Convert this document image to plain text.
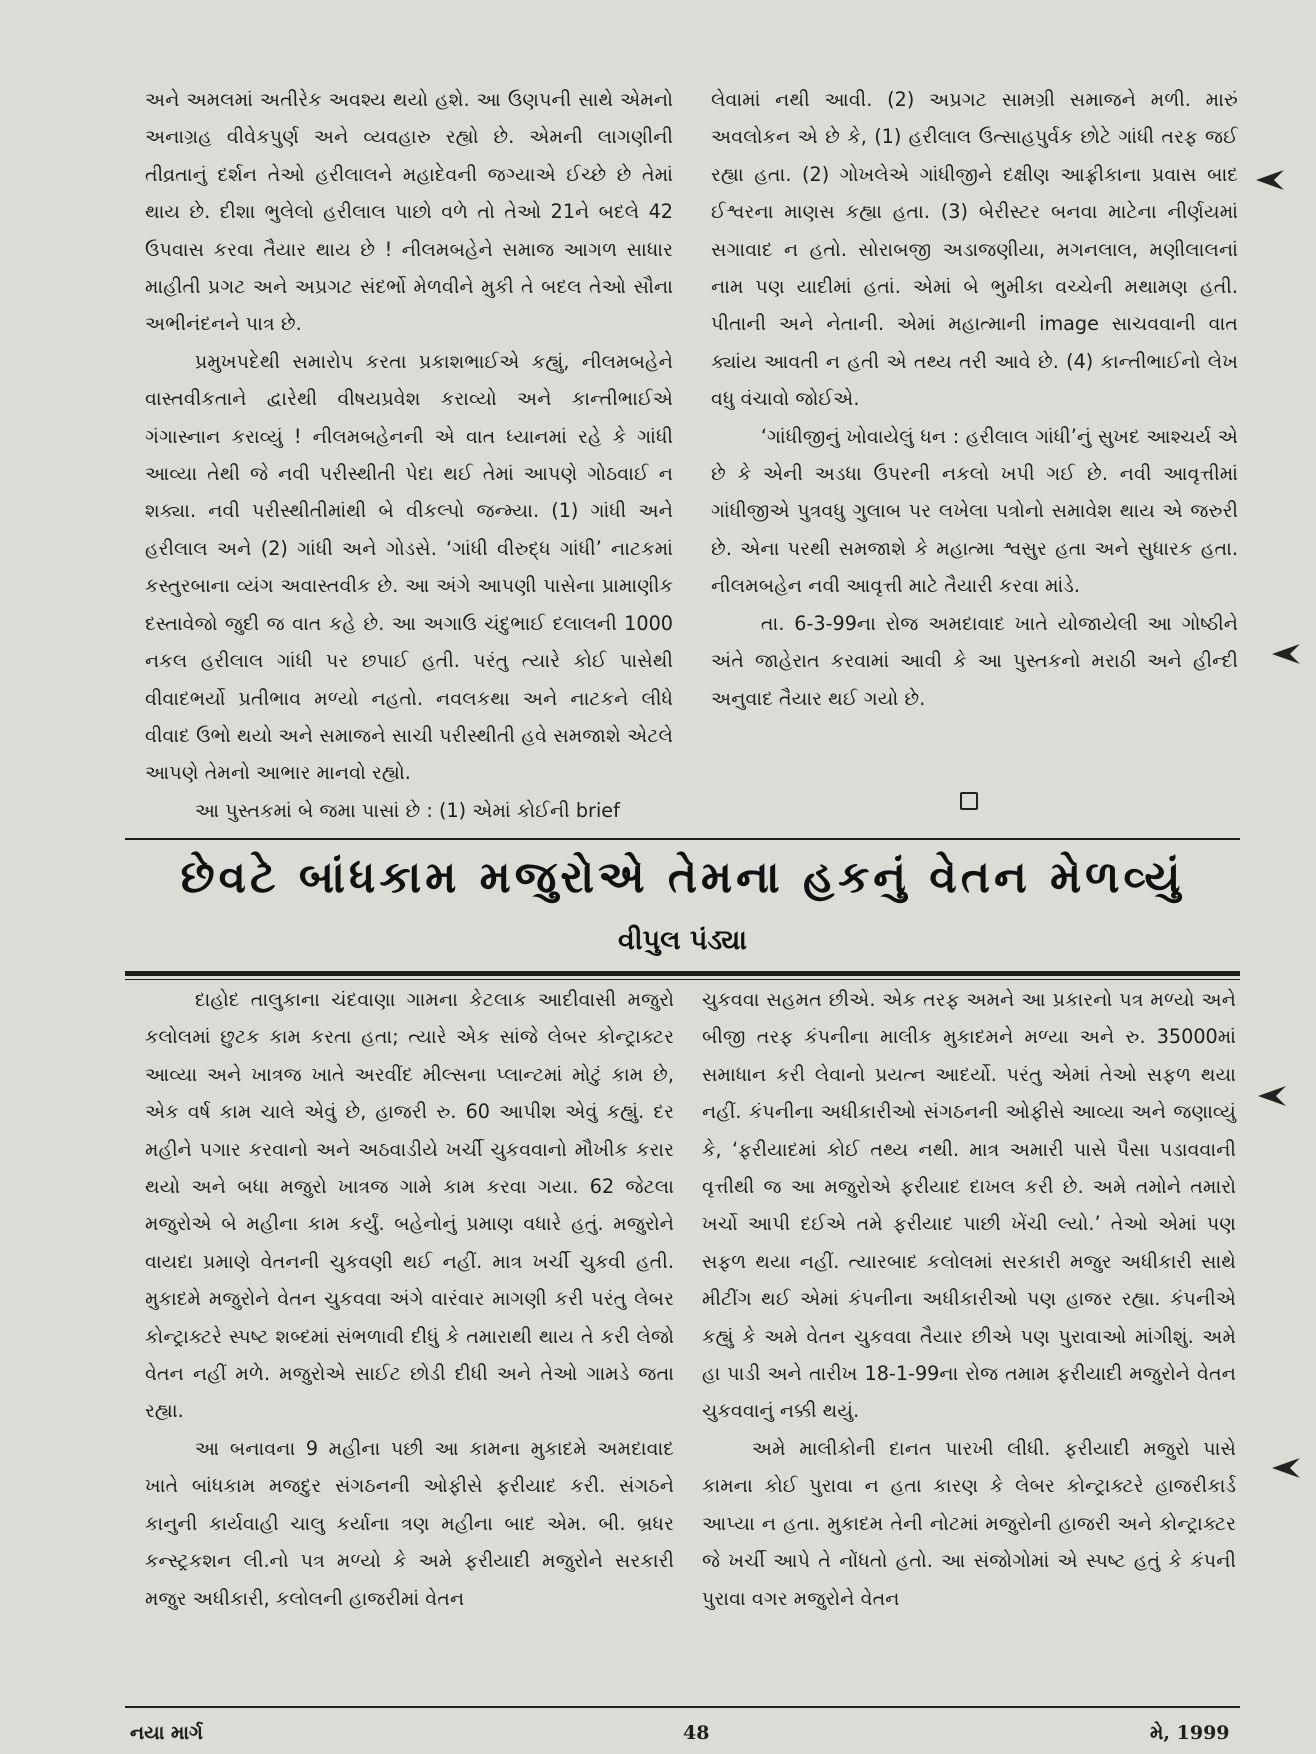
અને અમલમાં અતીરેક અવશ્ય થયો હશે. આ ઉણપની સાથે એમનો અનાગ્રહ વીવેકપુર્ણ અને વ્યવહારુ રહ્યો છે. એમની લાગણીની તીવ્રતાનું દર્શન તેઓ હરીલાલને મહાદેવની જગ્યાએ ઈચ્છે છે તેમાં થાય છે. દીશા ભુલેલો હરીલાલ પાછો વળે તો તેઓ 21ને બદલે 42 ઉપવાસ કરવા તૈયાર થાય છે ! નીલમબહેને સમાજ આગળ સાધાર માહીતી પ્રગટ અને અપ્રગટ સંદર્ભો મેળવીને મુકી તે બદલ તેઓ સૌના અભીનંદનને પાત્ર છે.

પ્રમુખપદેથી સમારોપ કરતા પ્રકાશભાઈએ કહ્યું, નીલમબહેને વાસ્તવીકતાને દ્વારેથી વીષયપ્રવેશ કરાવ્યો અને કાન્તીભાઈએ ગંગાસ્નાન કરાવ્યું ! નીલમબહેનની એ વાત ધ્યાનમાં રહે કે ગાંધી આવ્યા તેથી જે નવી પરીસ્થીતી પેદા થઈ તેમાં આપણે ગોઠવાઈ ન શક્યા. નવી પરીસ્થીતીમાંથી બે વીકલ્પો જન્મ્યા. (1) ગાંધી અને હરીલાલ અને (2) ગાંધી અને ગોડસે. ‘ગાંધી વીરુદ્ધ ગાંધી’ નાટકમાં કસ્તુરબાના વ્યંગ અવાસ્તવીક છે. આ અંગે આપણી પાસેના પ્રામાણીક દસ્તાવેજો જુદી જ વાત કહે છે. આ અગાઉ ચંદુભાઈ દલાલની 1000 નકલ હરીલાલ ગાંધી પર છપાઈ હતી. પરંતુ ત્યારે કોઈ પાસેથી વીવાદભર્યો પ્રતીભાવ મળ્યો નહતો. નવલકથા અને નાટકને લીધે વીવાદ ઉભો થયો અને સમાજને સાચી પરીસ્થીતી હવે સમજાશે એટલે આપણે તેમનો આભાર માનવો રહ્યો.

આ પુસ્તકમાં બે જમા પાસાં છે : (1) એમાં કોઈની brief

લેવામાં નથી આવી. (2) અપ્રગટ સામગ્રી સમાજને મળી. મારું અવલોકન એ છે કે, (1) હરીલાલ ઉત્સાહપુર્વક છોટે ગાંધી તરફ જઈ રહ્યા હતા. (2) ગોખલેએ ગાંધીજીને દક્ષીણ આફ્રીકાના પ્રવાસ બાદ ઈશ્વરના માણસ કહ્યા હતા. (3) બેરીસ્ટર બનવા માટેના નીર્ણયમાં સગાવાદ ન હતો. સોરાબજી અડાજણીયા, મગનલાલ, મણીલાલનાં નામ પણ યાદીમાં હતાં. એમાં બે ભુમીકા વચ્ચેની મથામણ હતી. પીતાની અને નેતાની. એમાં મહાત્માની image સાચવવાની વાત ક્યાંય આવતી ન હતી એ તથ્ય તરી આવે છે. (4) કાન્તીભાઈનો લેખ વધુ વંચાવો જોઈએ.

‘ગાંધીજીનું ખોવાયેલું ધન : હરીલાલ ગાંધી’નું સુખદ આશ્ચર્ય એ છે કે એની અડધા ઉપરની નકલો ખપી ગઈ છે. નવી આવૃત્તીમાં ગાંધીજીએ પુત્રવધુ ગુલાબ પર લખેલા પત્રોનો સમાવેશ થાય એ જરુરી છે. એના પરથી સમજાશે કે મહાત્મા શ્વસુર હતા અને સુધારક હતા. નીલમબહેન નવી આવૃત્તી માટે તૈયારી કરવા માંડે.

તા. 6-3-99ના રોજ અમદાવાદ ખાતે યોજાયેલી આ ગોષ્ઠીને અંતે જાહેરાત કરવામાં આવી કે આ પુસ્તકનો મરાઠી અને હીન્દી અનુવાદ તૈયાર થઈ ગયો છે.

છેવટે બાંધકામ મજુરોએ તેમના હકનું વેતન મેળવ્યું
વીપુલ પંડ્યા

દાહોદ તાલુકાના ચંદવાણા ગામના કેટલાક આદીવાસી મજુરો કલોલમાં છુટક કામ કરતા હતા; ત્યારે એક સાંજે લેબર કોન્ટ્રાક્ટર આવ્યા અને ખાત્રજ ખાતે અરવીંદ મીલ્સના પ્લાન્ટમાં મોટું કામ છે, એક વર્ષ કામ ચાલે એવું છે, હાજરી રુ. 60 આપીશ એવું કહ્યું. દર મહીને પગાર કરવાનો અને અઠવાડીયે ખર્ચી ચુકવવાનો મૌખીક કરાર થયો અને બધા મજુરો ખાત્રજ ગામે કામ કરવા ગયા. 62 જેટલા મજુરોએ બે મહીના કામ કર્યું. બહેનોનું પ્રમાણ વધારે હતું. મજુરોને વાયદા પ્રમાણે વેતનની ચુકવણી થઈ નહીં. માત્ર ખર્ચી ચુકવી હતી. મુકાદમે મજુરોને વેતન ચુકવવા અંગે વારંવાર માગણી કરી પરંતુ લેબર કોન્ટ્રાક્ટરે સ્પષ્ટ શબ્દમાં સંભળાવી દીધું કે તમારાથી થાય તે કરી લેજો વેતન નહીં મળે. મજુરોએ સાઈટ છોડી દીધી અને તેઓ ગામડે જતા રહ્યા.

આ બનાવના 9 મહીના પછી આ કામના મુકાદમે અમદાવાદ ખાતે બાંધકામ મજદુર સંગઠનની ઓફીસે ફરીયાદ કરી. સંગઠને કાનુની કાર્યવાહી ચાલુ કર્યાના ત્રણ મહીના બાદ એમ. બી. બ્રધર કન્સ્ટ્રકશન લી.નો પત્ર મળ્યો કે અમે ફરીયાદી મજુરોને સરકારી મજુર અધીકારી, કલોલની હાજરીમાં વેતન

ચુકવવા સહમત છીએ. એક તરફ અમને આ પ્રકારનો પત્ર મળ્યો અને બીજી તરફ કંપનીના માલીક મુકાદમને મળ્યા અને રુ. 35000માં સમાધાન કરી લેવાનો પ્રયત્ન આદર્યો. પરંતુ એમાં તેઓ સફળ થયા નહીં. કંપનીના અધીકારીઓ સંગઠનની ઓફીસે આવ્યા અને જણાવ્યું કે, ‘ફરીયાદમાં કોઈ તથ્ય નથી. માત્ર અમારી પાસે પૈસા પડાવવાની વૃત્તીથી જ આ મજુરોએ ફરીયાદ દાખલ કરી છે. અમે તમોને તમારો ખર્ચો આપી દઈએ તમે ફરીયાદ પાછી ખેંચી લ્યો.’ તેઓ એમાં પણ સફળ થયા નહીં. ત્યારબાદ કલોલમાં સરકારી મજુર અધીકારી સાથે મીટીંગ થઈ એમાં કંપનીના અધીકારીઓ પણ હાજર રહ્યા. કંપનીએ કહ્યું કે અમે વેતન ચુકવવા તૈયાર છીએ પણ પુરાવાઓ માંગીશું. અમે હા પાડી અને તારીખ 18-1-99ના રોજ તમામ ફરીયાદી મજુરોને વેતન ચુકવવાનું નક્કી થયું.

અમે માલીકોની દાનત પારખી લીધી. ફરીયાદી મજુરો પાસે કામના કોઈ પુરાવા ન હતા કારણ કે લેબર કોન્ટ્રાક્ટરે હાજરીકાર્ડ આપ્યા ન હતા. મુકાદમ તેની નોટમાં મજુરોની હાજરી અને કોન્ટ્રાક્ટર જે ખર્ચી આપે તે નોંધતો હતો. આ સંજોગોમાં એ સ્પષ્ટ હતું કે કંપની પુરાવા વગર મજુરોને વેતન

નયા માર્ગ	48	મે, 1999
